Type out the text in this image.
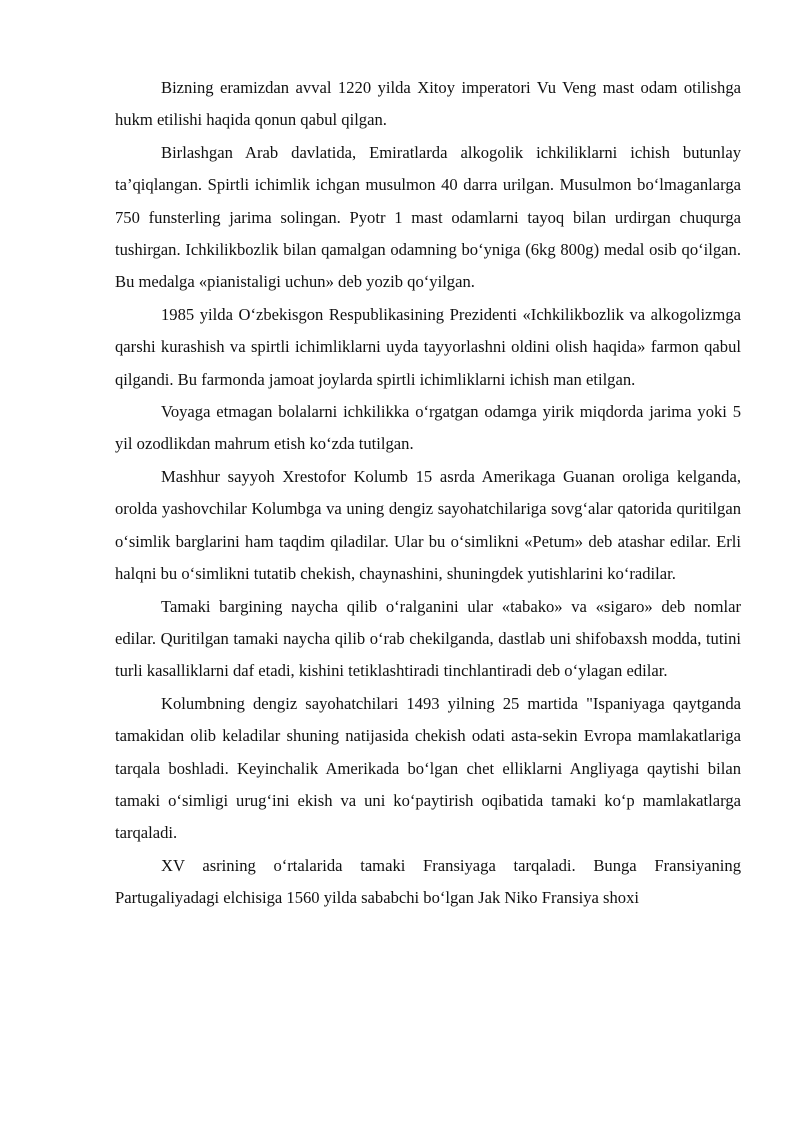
Bizning eramizdan avval 1220 yilda Xitoy imperatori Vu Veng mast odam otilishga hukm etilishi haqida qonun qabul qilgan.

Birlashgan Arab davlatida, Emiratlarda alkogolik ichkiliklarni ichish butunlay ta’qiqlangan. Spirtli ichimlik ichgan musulmon 40 darra urilgan. Musulmon bo‘lmaganlarga 750 funsterling jarima solingan. Pyotr 1 mast odamlarni tayoq bilan urdirgan chuqurga tushirgan. Ichkilikbozlik bilan qamalgan odamning bo‘yniga (6kg 800g) medal osib qo‘ilgan. Bu medalga «pianistaligi uchun» deb yozib qo‘yilgan.

1985 yilda O‘zbekisgon Respublikasining Prezidenti «Ichkilikbozlik va alkogolizmga qarshi kurashish va spirtli ichimliklarni uyda tayyorlashni oldini olish haqida» farmon qabul qilgandi. Bu farmonda jamoat joylarda spirtli ichimliklarni ichish man etilgan.

Voyaga etmagan bolalarni ichkilikka o‘rgatgan odamga yirik miqdorda jarima yoki 5 yil ozodlikdan mahrum etish ko‘zda tutilgan.

Mashhur sayyoh Xrestofor Kolumb 15 asrda Amerikaga Guanan oroliga kelganda, orolda yashovchilar Kolumbga va uning dengiz sayohatchilariga sovg‘alar qatorida quritilgan o‘simlik barglarini ham taqdim qiladilar. Ular bu o‘simlikni «Petum» deb atashar edilar. Erli halqni bu o‘simlikni tutatib chekish, chaynashini, shuningdek yutishlarini ko‘radilar.

Tamaki bargining naycha qilib o‘ralganini ular «tabako» va «sigaro» deb nomlar edilar. Quritilgan tamaki naycha qilib o‘rab chekilganda, dastlab uni shifobaxsh modda, tutini turli kasalliklarni daf etadi, kishini tetiklashtiradi tinchlantiradi deb o‘ylagan edilar.

Kolumbning dengiz sayohatchilari 1493 yilning 25 martida "Ispaniyaga qaytganda tamakidan olib keladilar shuning natijasida chekish odati asta-sekin Evropa mamlakatlariga tarqala boshladi. Keyinchalik Amerikada bo‘lgan chet elliklarni Angliyaga qaytishi bilan tamaki o‘simligi urug‘ini ekish va uni ko‘paytirish oqibatida tamaki ko‘p mamlakatlarga tarqaladi.

XV asrining o‘rtalarida tamaki Fransiyaga tarqaladi. Bunga Fransiyaning Partugaliyadagi elchisiga 1560 yilda sababchi bo‘lgan Jak Niko Fransiya shoxi
